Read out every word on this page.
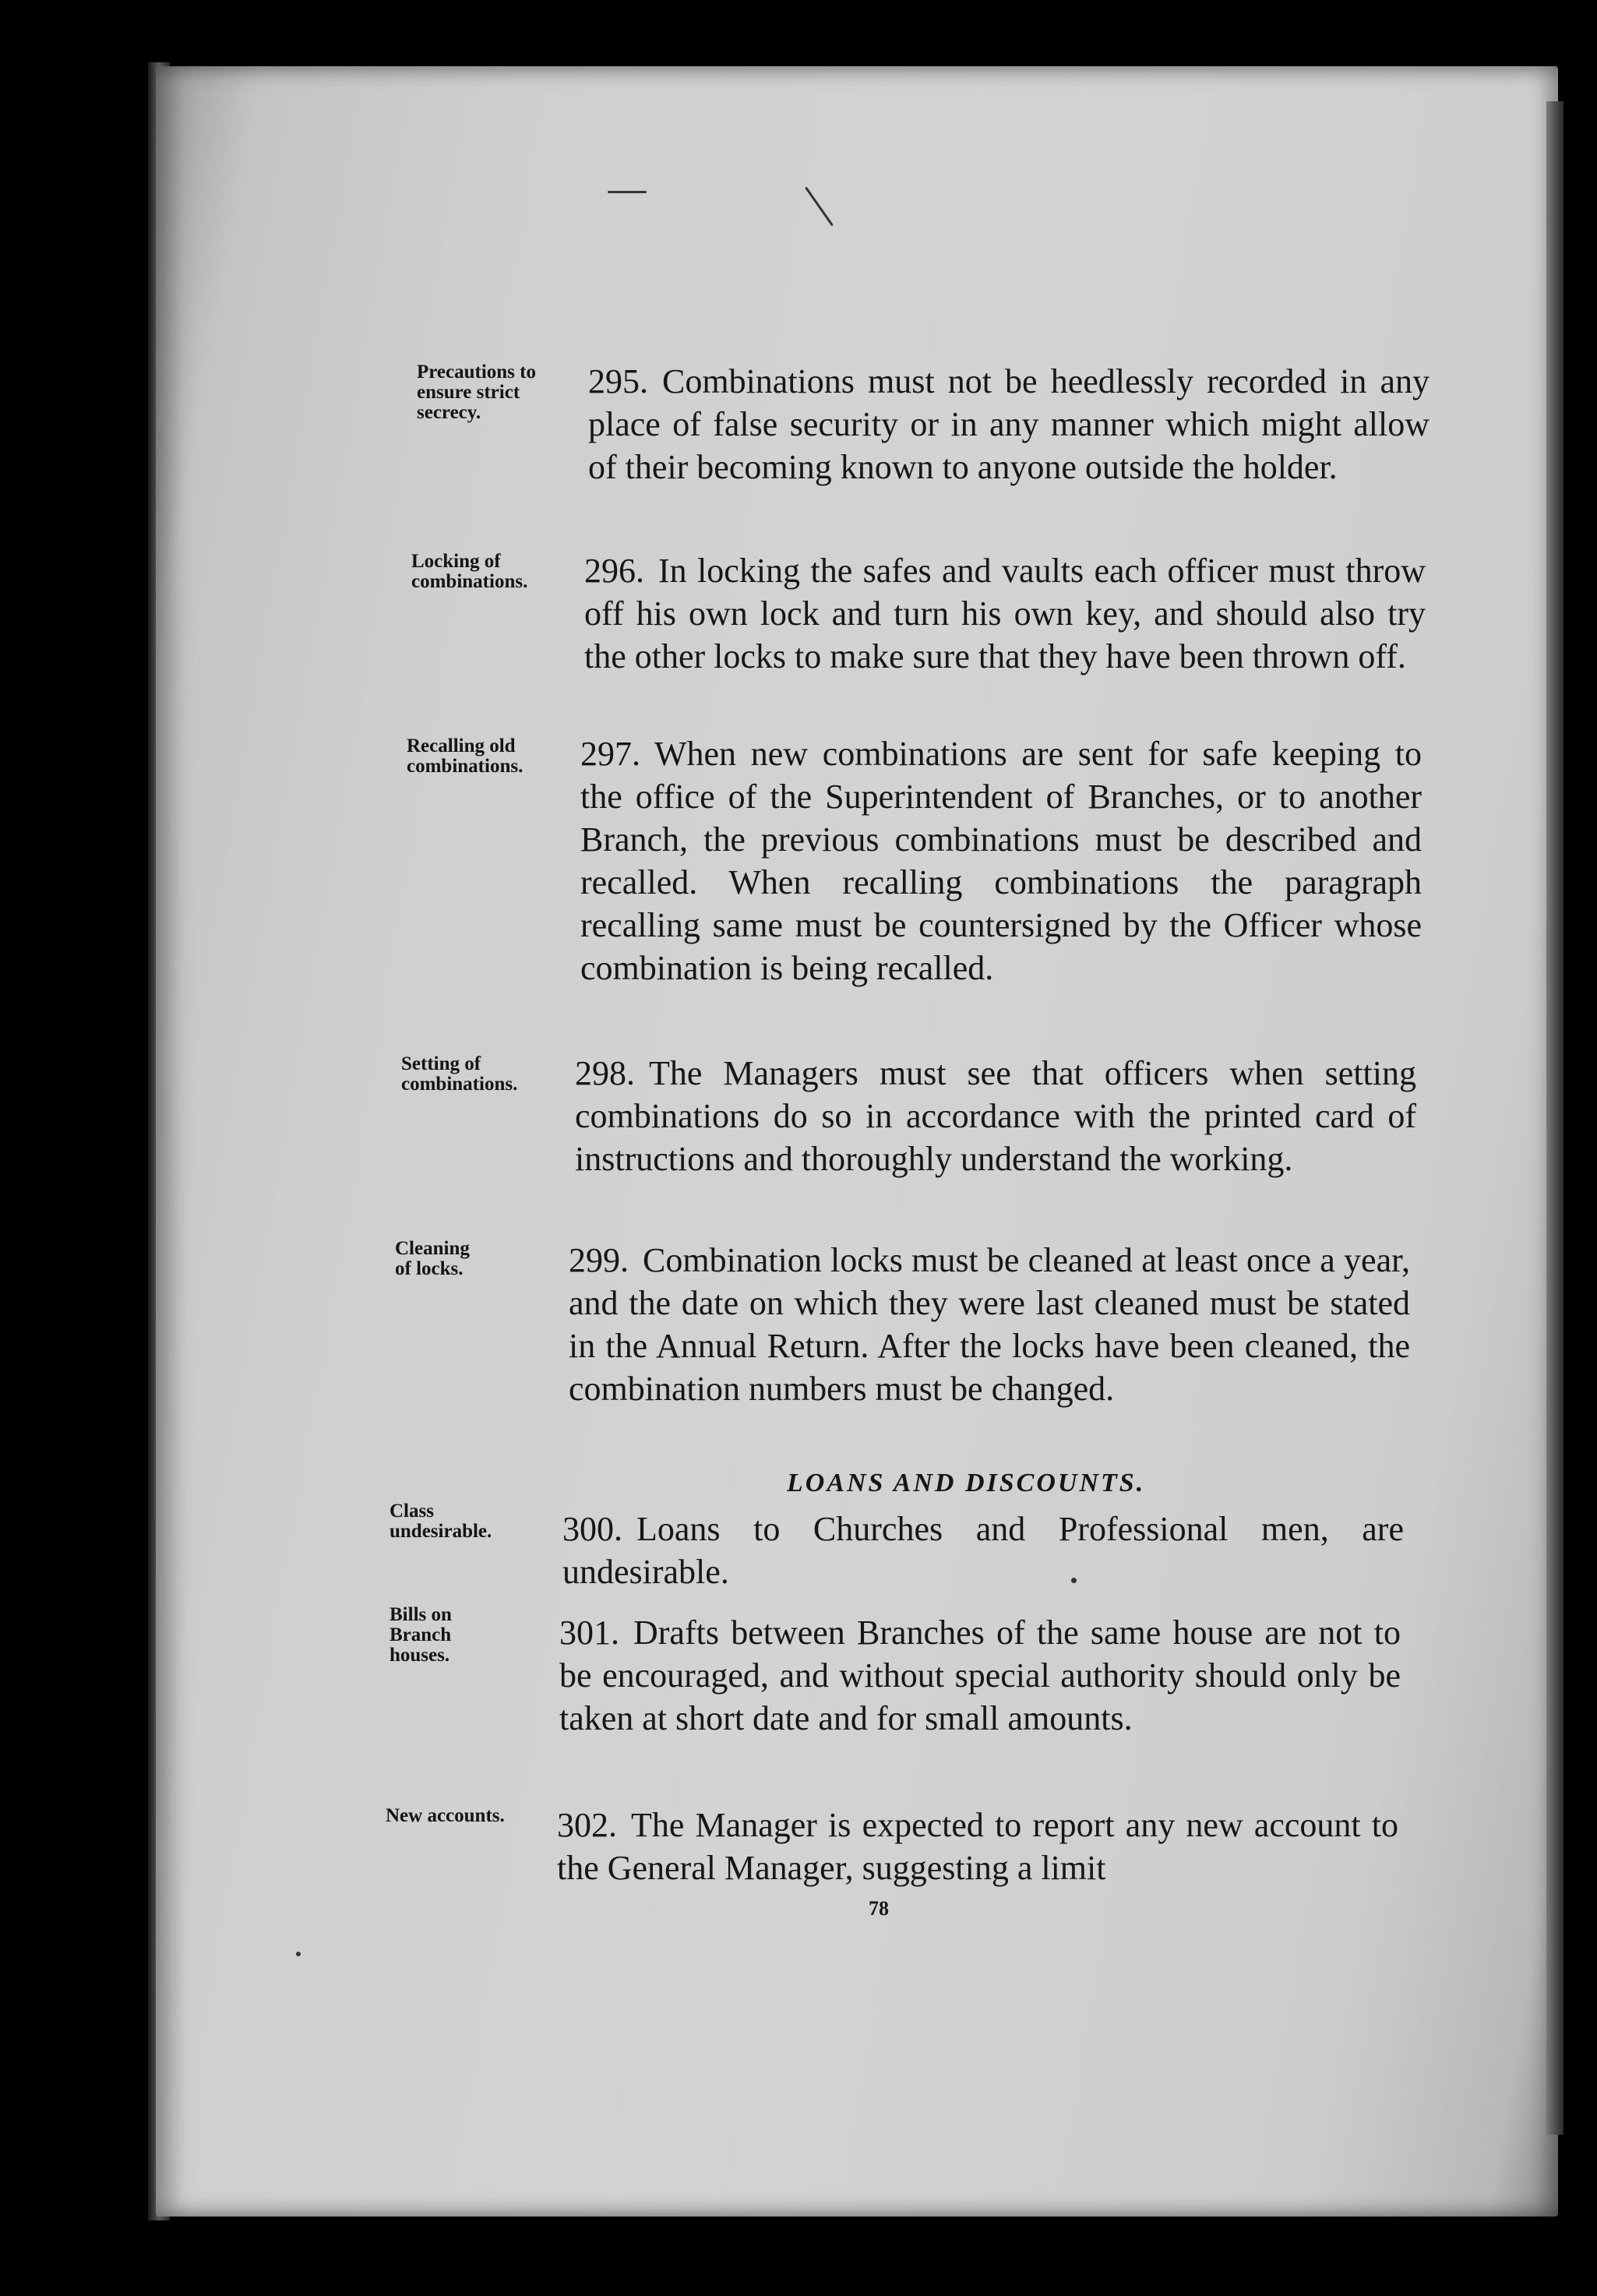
Precautions to
ensure strict
secrecy.
Locking of
combinations.
Recalling old
combinations.
Setting of
combinations.
Cleaning
of locks.
Class
undesirable.
Bills on
Branch
houses.
New accounts.
295. Combinations must not be heedlessly recorded in any place of false security or in any manner which might allow of their becoming known to anyone outside the holder.
296. In locking the safes and vaults each officer must throw off his own lock and turn his own key, and should also try the other locks to make sure that they have been thrown off.
297. When new combinations are sent for safe keeping to the office of the Superintendent of Branches, or to another Branch, the previous combinations must be described and recalled. When recalling combinations the paragraph recalling same must be countersigned by the Officer whose combination is being recalled.
298. The Managers must see that officers when setting combinations do so in accordance with the printed card of instructions and thoroughly understand the working.
299. Combination locks must be cleaned at least once a year, and the date on which they were last cleaned must be stated in the Annual Return. After the locks have been cleaned, the combination numbers must be changed.
LOANS AND DISCOUNTS.
300. Loans to Churches and Professional men, are undesirable.
301. Drafts between Branches of the same house are not to be encouraged, and without special authority should only be taken at short date and for small amounts.
302. The Manager is expected to report any new account to the General Manager, suggesting a limit
78
